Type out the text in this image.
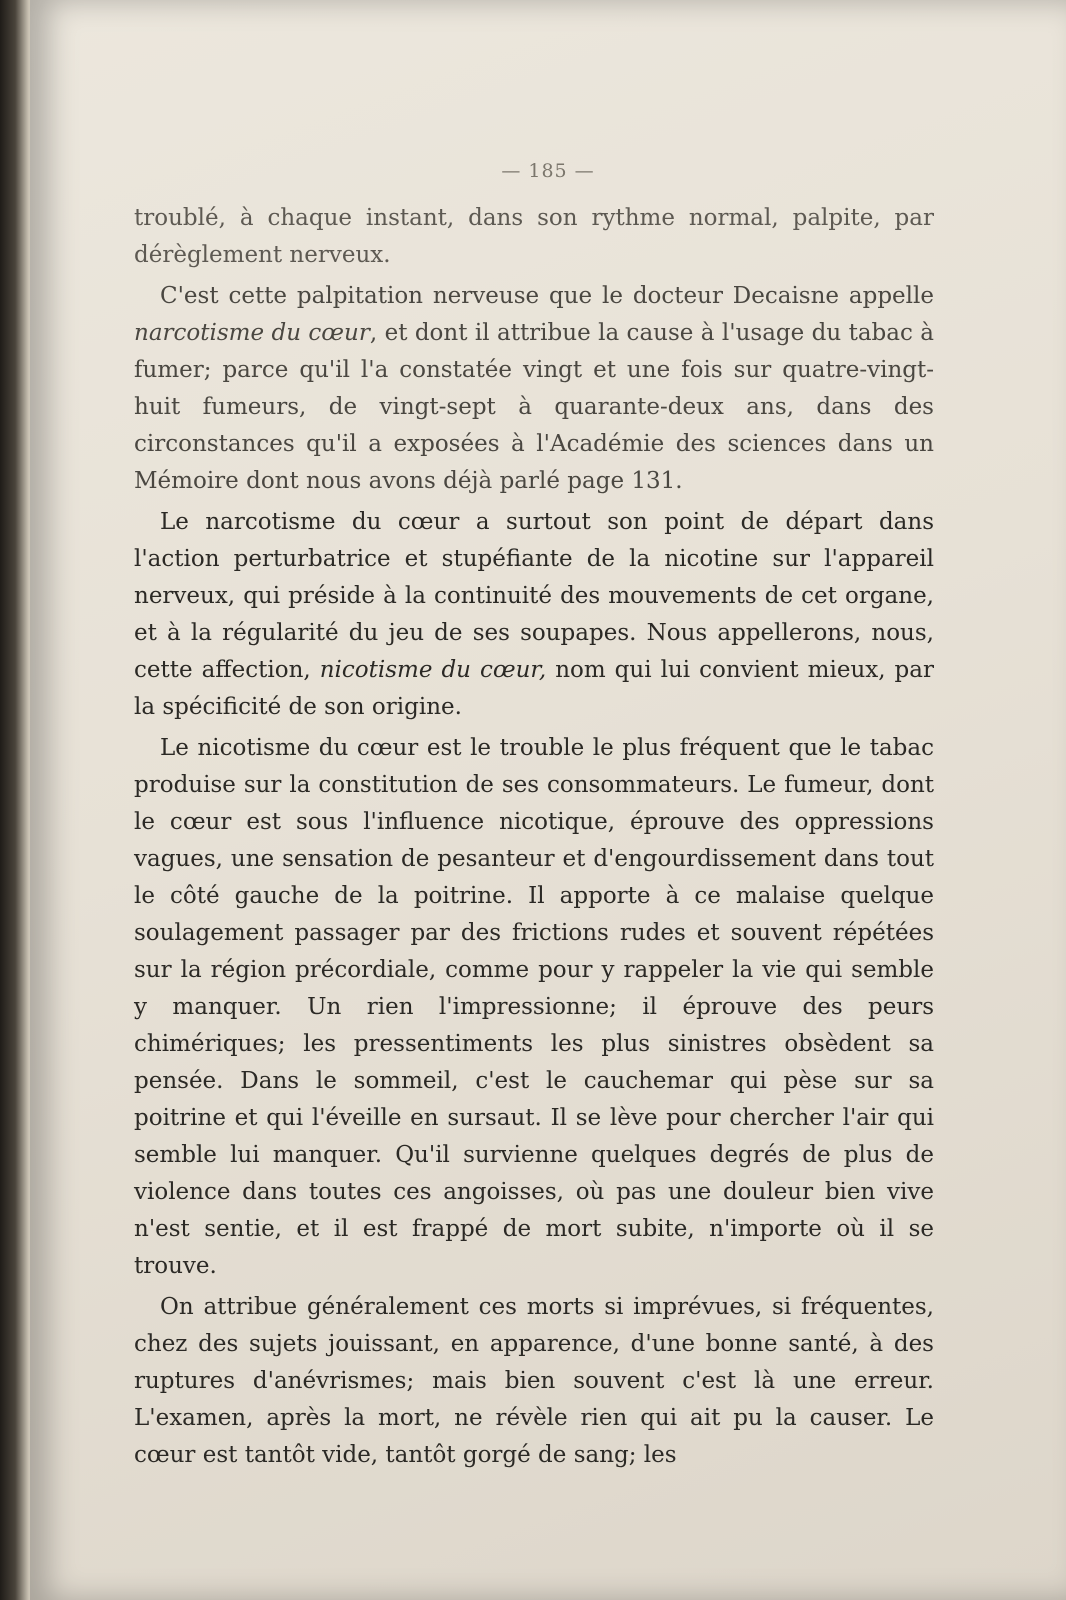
— 185 —

troublé, à chaque instant, dans son rythme normal, palpite, par dérèglement nerveux.

C'est cette palpitation nerveuse que le docteur Decaisne appelle narcotisme du cœur, et dont il attribue la cause à l'usage du tabac à fumer; parce qu'il l'a constatée vingt et une fois sur quatre-vingt-huit fumeurs, de vingt-sept à quarante-deux ans, dans des circonstances qu'il a exposées à l'Académie des sciences dans un Mémoire dont nous avons déjà parlé page 131.

Le narcotisme du cœur a surtout son point de départ dans l'action perturbatrice et stupéfiante de la nicotine sur l'appareil nerveux, qui préside à la continuité des mouvements de cet organe, et à la régularité du jeu de ses soupapes. Nous appellerons, nous, cette affection, nicotisme du cœur, nom qui lui convient mieux, par la spécificité de son origine.

Le nicotisme du cœur est le trouble le plus fréquent que le tabac produise sur la constitution de ses consommateurs. Le fumeur, dont le cœur est sous l'influence nicotique, éprouve des oppressions vagues, une sensation de pesanteur et d'engourdissement dans tout le côté gauche de la poitrine. Il apporte à ce malaise quelque soulagement passager par des frictions rudes et souvent répétées sur la région précordiale, comme pour y rappeler la vie qui semble y manquer. Un rien l'impressionne; il éprouve des peurs chimériques; les pressentiments les plus sinistres obsèdent sa pensée. Dans le sommeil, c'est le cauchemar qui pèse sur sa poitrine et qui l'éveille en sursaut. Il se lève pour chercher l'air qui semble lui manquer. Qu'il survienne quelques degrés de plus de violence dans toutes ces angoisses, où pas une douleur bien vive n'est sentie, et il est frappé de mort subite, n'importe où il se trouve.

On attribue généralement ces morts si imprévues, si fréquentes, chez des sujets jouissant, en apparence, d'une bonne santé, à des ruptures d'anévrismes; mais bien souvent c'est là une erreur. L'examen, après la mort, ne révèle rien qui ait pu la causer. Le cœur est tantôt vide, tantôt gorgé de sang; les
